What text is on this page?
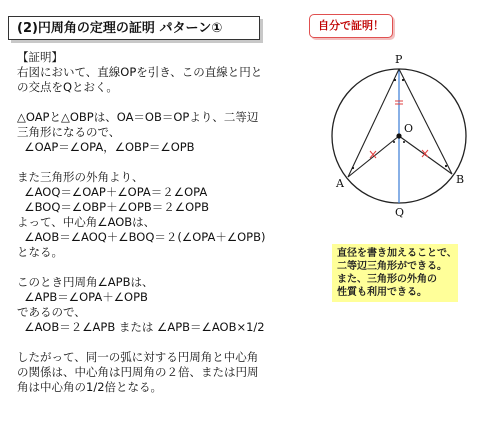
(2)円周角の定理の証明 パターン①	自分で証明！
【証明】
右図において、直線OPを引き、この直線と円と
の交点をQとおく。
△OAPと△OBPは、OA＝OB＝OPより、二等辺
三角形になるので、
∠OAP＝∠OPA，∠OBP＝∠OPB
また三角形の外角より、
∠AOQ＝∠OAP＋∠OPA＝２∠OPA
∠BOQ＝∠OBP＋∠OPB＝２∠OPB
よって、中心角∠AOBは、
∠AOB＝∠AOQ＋∠BOQ＝２(∠OPA＋∠OPB)
となる。
このとき円周角∠APBは、
∠APB＝∠OPA＋∠OPB
であるので、
∠AOB＝２∠APB または ∠APB＝∠AOB×1/2
したがって、同一の弧に対する円周角と中心角
の関係は、中心角は円周角の２倍、または円周
角は中心角の1/2倍となる。
P
O
A	B
Q
直径を書き加えることで、
二等辺三角形ができる。
また、三角形の外角の
性質も利用できる。
